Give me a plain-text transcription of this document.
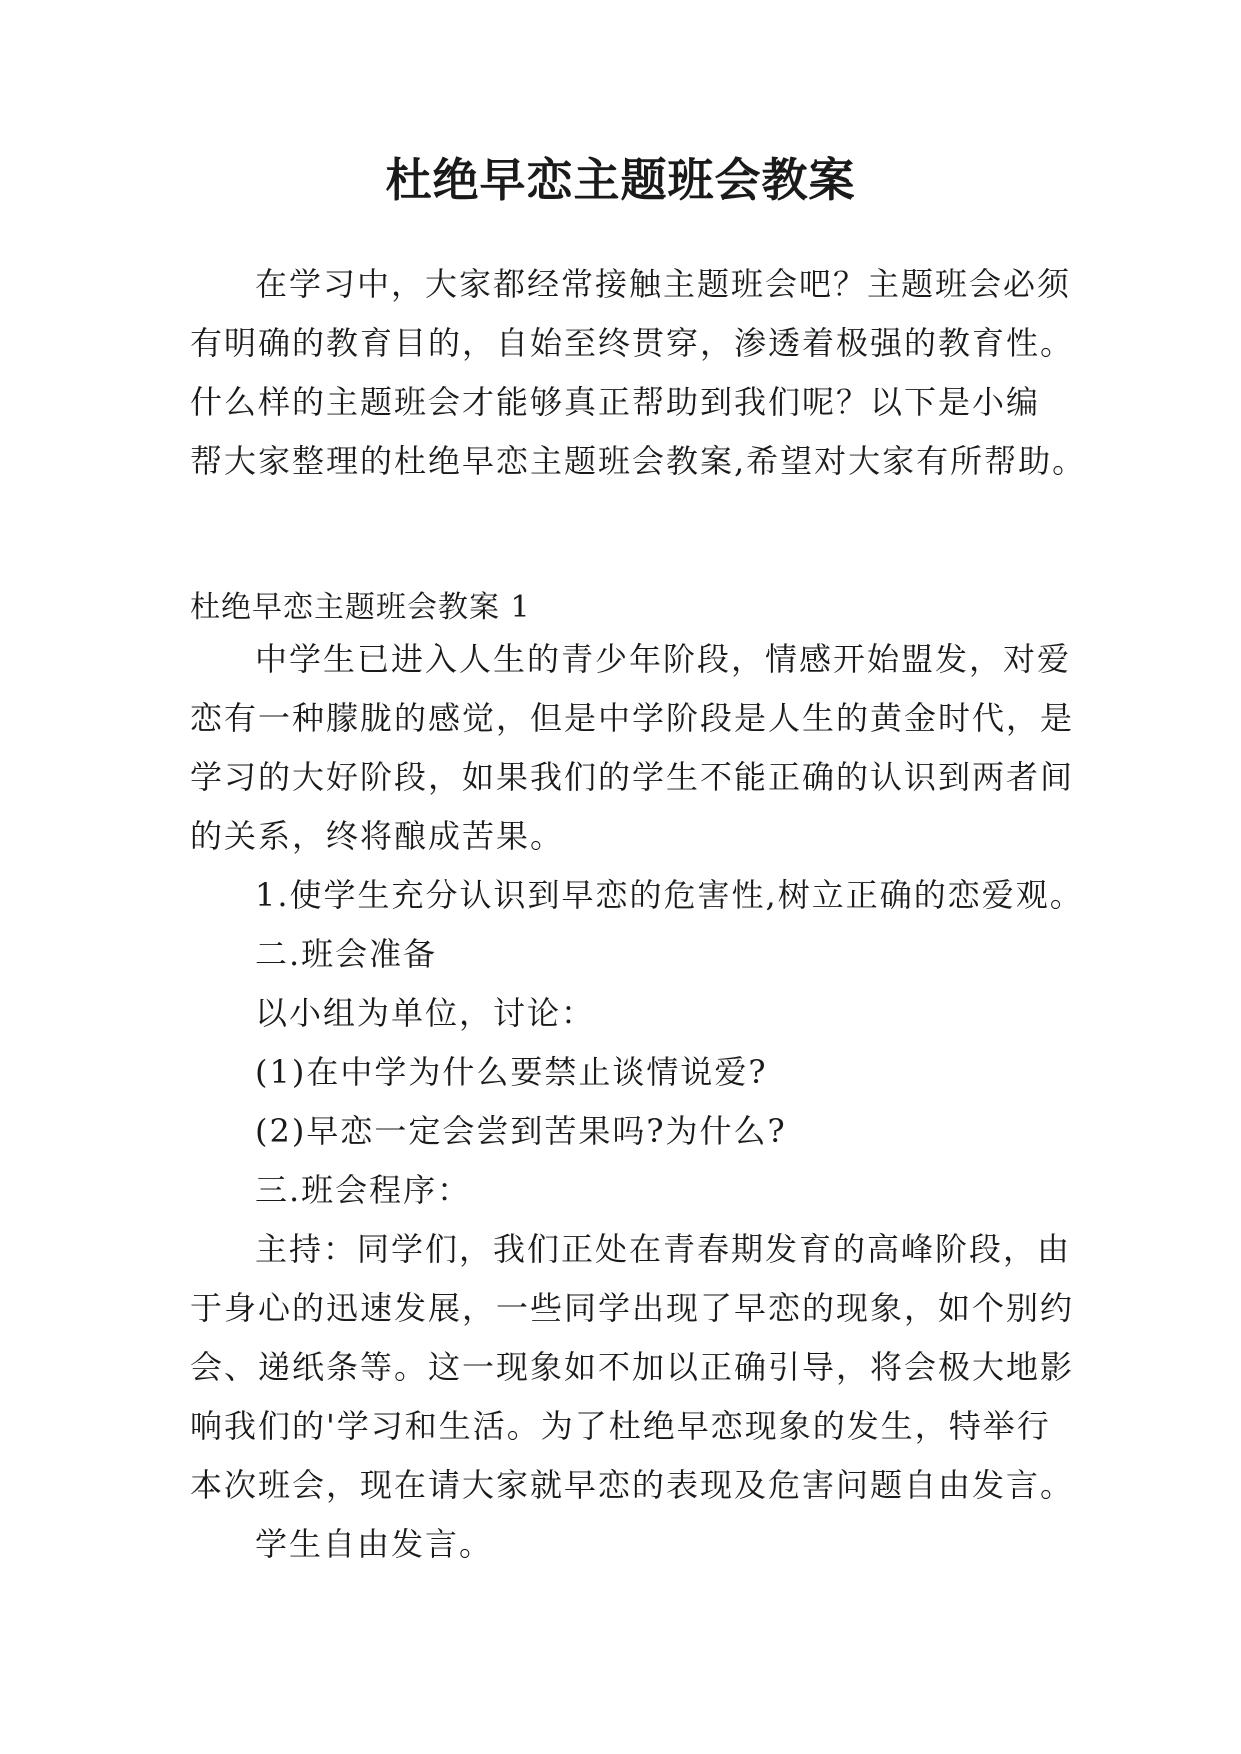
杜绝早恋主题班会教案

在学习中，大家都经常接触主题班会吧？主题班会必须

有明确的教育目的，自始至终贯穿，渗透着极强的教育性。

什么样的主题班会才能够真正帮助到我们呢？以下是小编

帮大家整理的杜绝早恋主题班会教案,希望对大家有所帮助。

杜绝早恋主题班会教案 1

中学生已进入人生的青少年阶段，情感开始盟发，对爱

恋有一种朦胧的感觉，但是中学阶段是人生的黄金时代，是

学习的大好阶段，如果我们的学生不能正确的认识到两者间

的关系，终将酿成苦果。

1.使学生充分认识到早恋的危害性,树立正确的恋爱观。

二.班会准备

以小组为单位，讨论：

(1)在中学为什么要禁止谈情说爱?

(2)早恋一定会尝到苦果吗?为什么?

三.班会程序：

主持：同学们，我们正处在青春期发育的高峰阶段，由

于身心的迅速发展，一些同学出现了早恋的现象，如个别约

会、递纸条等。这一现象如不加以正确引导，将会极大地影

响我们的'学习和生活。为了杜绝早恋现象的发生，特举行

本次班会，现在请大家就早恋的表现及危害问题自由发言。

学生自由发言。
